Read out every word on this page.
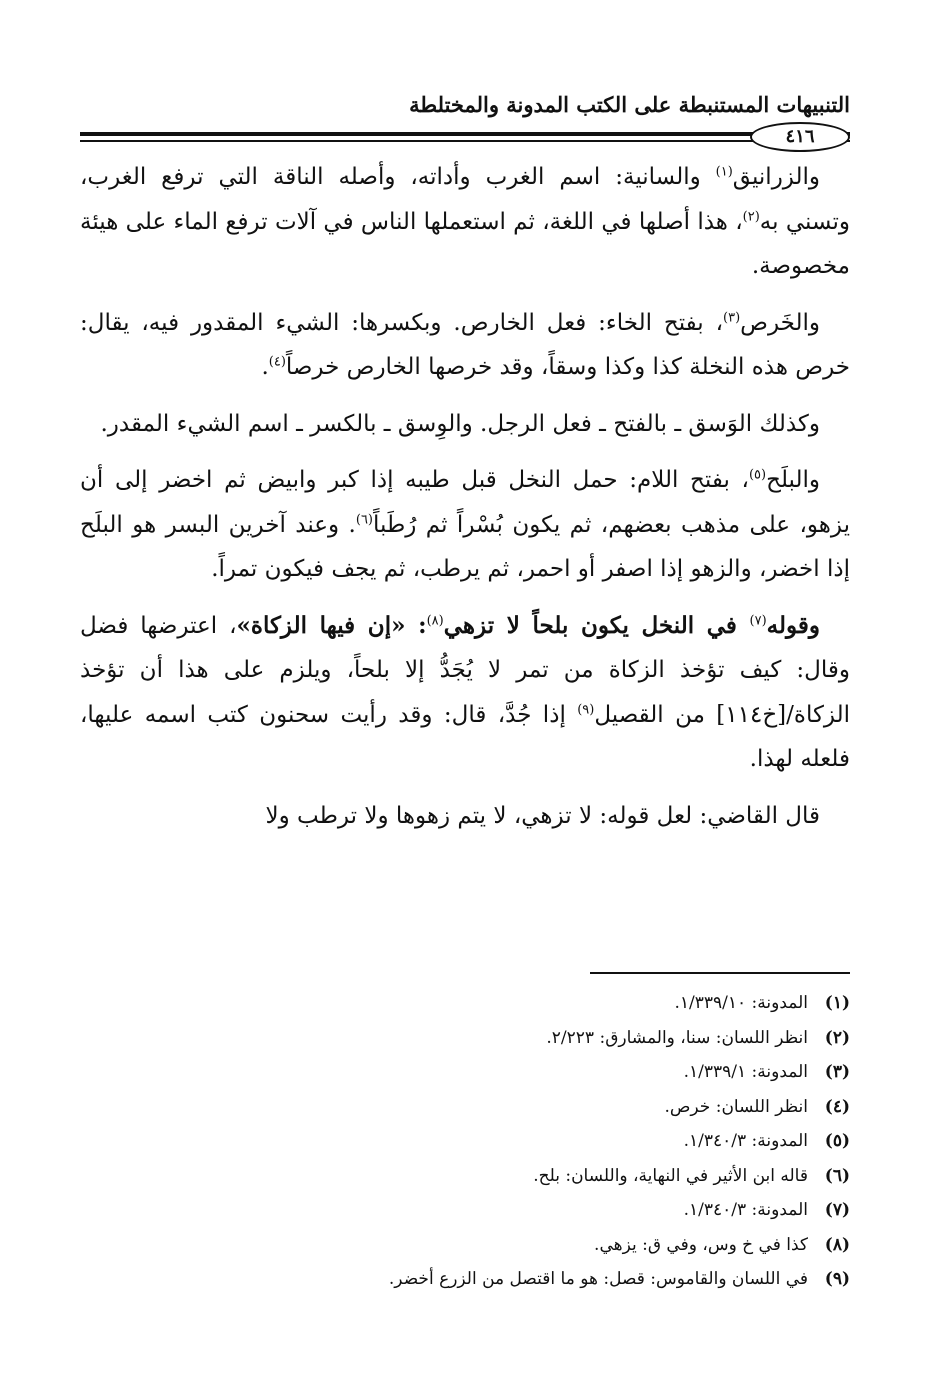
التنبيهات المستنبطة على الكتب المدونة والمختلطة
٤١٦

والزرانيق$^{(١)}$ والسانية: اسم الغرب وأداته، وأصله الناقة التي ترفع الغرب، وتسني به$^{(٢)}$، هذا أصلها في اللغة، ثم استعملها الناس في آلات ترفع الماء على هيئة مخصوصة.

والخَرص$^{(٣)}$، بفتح الخاء: فعل الخارص. وبكسرها: الشيء المقدور فيه، يقال: خرص هذه النخلة كذا وكذا وسقاً، وقد خرصها الخارص خرصاً$^{(٤)}$.

وكذلك الوَسق ـ بالفتح ـ فعل الرجل. والوِسق ـ بالكسر ـ اسم الشيء المقدر.

والبلَح$^{(٥)}$، بفتح اللام: حمل النخل قبل طيبه إذا كبر وابيض ثم اخضر إلى أن يزهو، على مذهب بعضهم، ثم يكون بُسْراً ثم رُطَباً$^{(٦)}$. وعند آخرين البسر هو البلَح إذا اخضر، والزهو إذا اصفر أو احمر، ثم يرطب، ثم يجف فيكون تمراً.

وقوله$^{(٧)}$ في النخل يكون بلحاً لا تزهي$^{(٨)}$: «إن فيها الزكاة»، اعترضها فضل وقال: كيف تؤخذ الزكاة من تمر لا يُجَدُّ إلا بلحاً، ويلزم على هذا أن تؤخذ الزكاة/[خ١١٤] من القصيل$^{(٩)}$ إذا جُدَّ، قال: وقد رأيت سحنون كتب اسمه عليها، فلعله لهذا.

قال القاضي: لعل قوله: لا تزهي، لا يتم زهوها ولا ترطب ولا

(١)
المدونة: ١/٣٣٩/١٠.
(٢)
انظر اللسان: سنا، والمشارق: ٢/٢٢٣.
(٣)
المدونة: ١/٣٣٩/١.
(٤)
انظر اللسان: خرص.
(٥)
المدونة: ١/٣٤٠/٣.
(٦)
قاله ابن الأثير في النهاية، واللسان: بلح.
(٧)
المدونة: ١/٣٤٠/٣.
(٨)
كذا في خ وس، وفي ق: يزهي.
(٩)
في اللسان والقاموس: قصل: هو ما اقتصل من الزرع أخضر.
